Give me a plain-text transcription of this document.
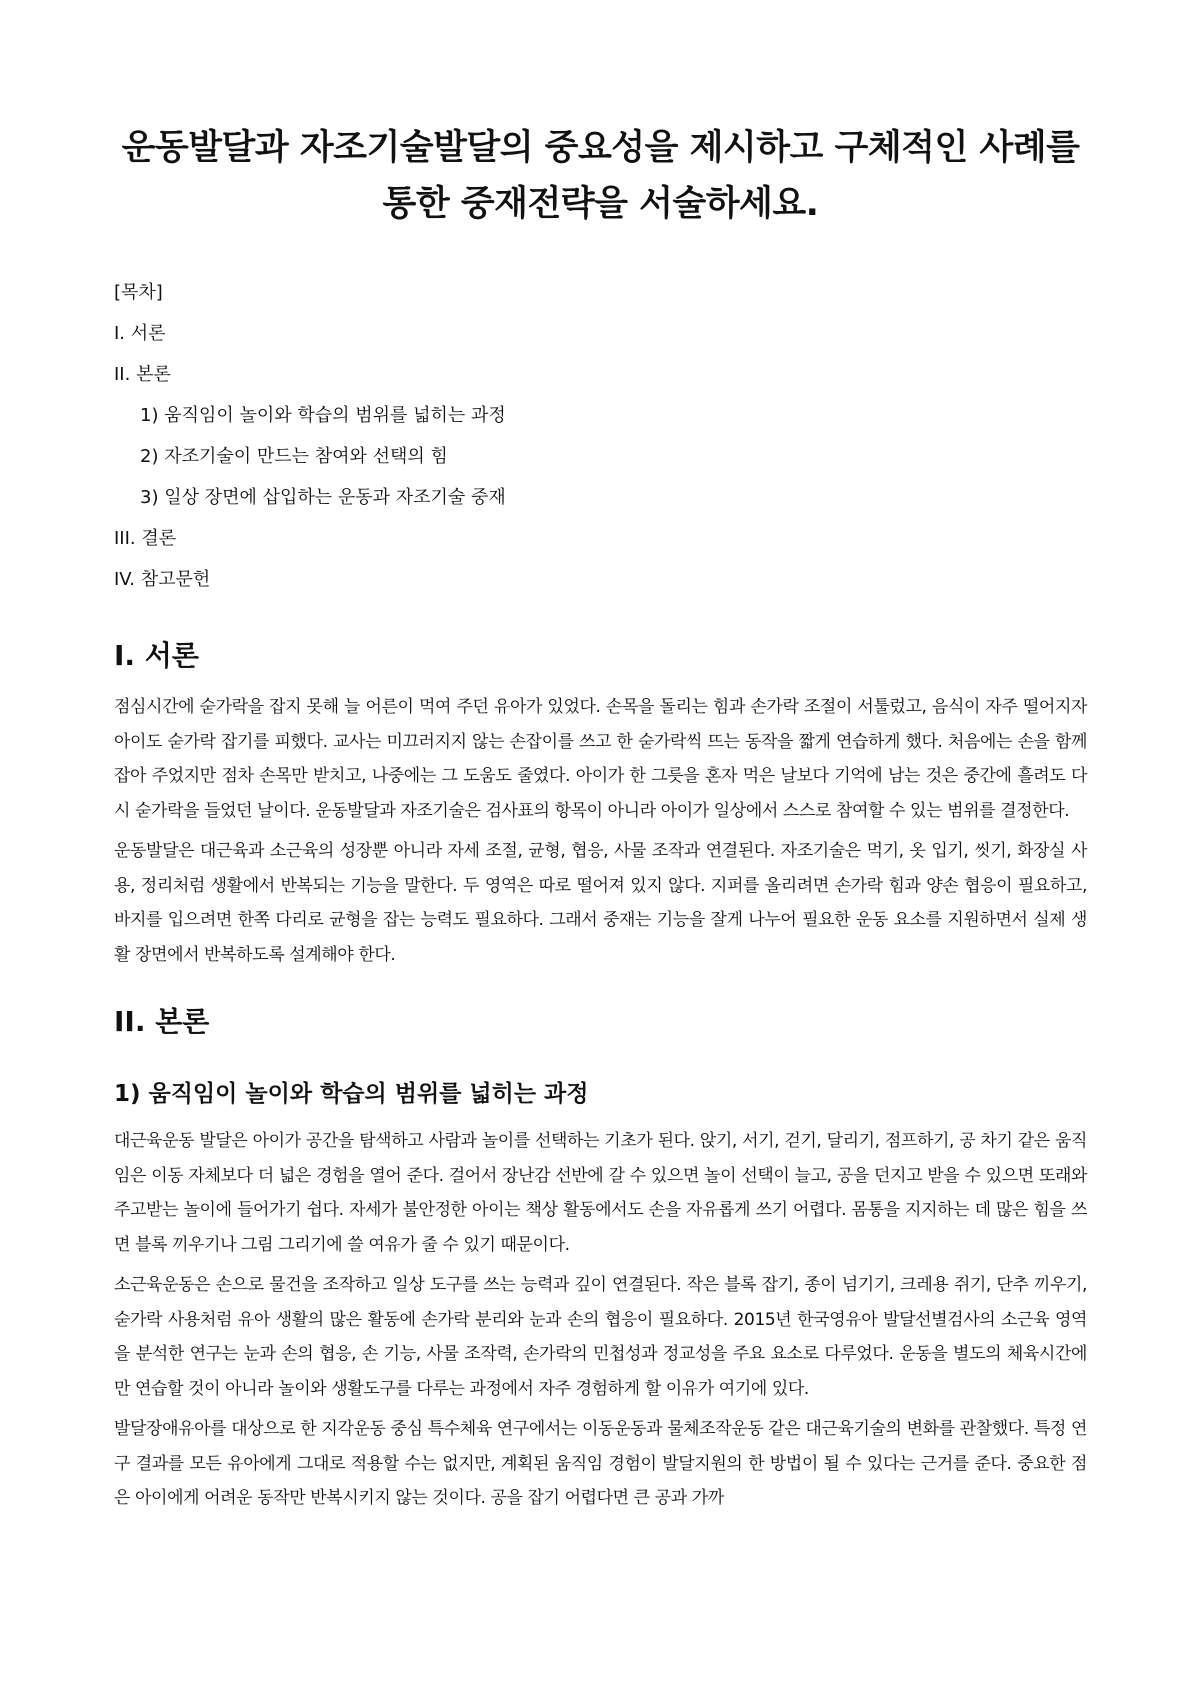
운동발달과 자조기술발달의 중요성을 제시하고 구체적인 사례를 통한 중재전략을 서술하세요.
[목차]
I. 서론
II. 본론
1) 움직임이 놀이와 학습의 범위를 넓히는 과정
2) 자조기술이 만드는 참여와 선택의 힘
3) 일상 장면에 삽입하는 운동과 자조기술 중재
III. 결론
IV. 참고문헌
I. 서론

점심시간에 숟가락을 잡지 못해 늘 어른이 먹여 주던 유아가 있었다. 손목을 돌리는 힘과 손가락 조절이 서툴렀고, 음식이 자주 떨어지자 아이도 숟가락 잡기를 피했다. 교사는 미끄러지지 않는 손잡이를 쓰고 한 숟가락씩 뜨는 동작을 짧게 연습하게 했다. 처음에는 손을 함께 잡아 주었지만 점차 손목만 받치고, 나중에는 그 도움도 줄였다. 아이가 한 그릇을 혼자 먹은 날보다 기억에 남는 것은 중간에 흘려도 다시 숟가락을 들었던 날이다. 운동발달과 자조기술은 검사표의 항목이 아니라 아이가 일상에서 스스로 참여할 수 있는 범위를 결정한다.

운동발달은 대근육과 소근육의 성장뿐 아니라 자세 조절, 균형, 협응, 사물 조작과 연결된다. 자조기술은 먹기, 옷 입기, 씻기, 화장실 사용, 정리처럼 생활에서 반복되는 기능을 말한다. 두 영역은 따로 떨어져 있지 않다. 지퍼를 올리려면 손가락 힘과 양손 협응이 필요하고, 바지를 입으려면 한쪽 다리로 균형을 잡는 능력도 필요하다. 그래서 중재는 기능을 잘게 나누어 필요한 운동 요소를 지원하면서 실제 생활 장면에서 반복하도록 설계해야 한다.

II. 본론
1) 움직임이 놀이와 학습의 범위를 넓히는 과정

대근육운동 발달은 아이가 공간을 탐색하고 사람과 놀이를 선택하는 기초가 된다. 앉기, 서기, 걷기, 달리기, 점프하기, 공 차기 같은 움직임은 이동 자체보다 더 넓은 경험을 열어 준다. 걸어서 장난감 선반에 갈 수 있으면 놀이 선택이 늘고, 공을 던지고 받을 수 있으면 또래와 주고받는 놀이에 들어가기 쉽다. 자세가 불안정한 아이는 책상 활동에서도 손을 자유롭게 쓰기 어렵다. 몸통을 지지하는 데 많은 힘을 쓰면 블록 끼우기나 그림 그리기에 쓸 여유가 줄 수 있기 때문이다.

소근육운동은 손으로 물건을 조작하고 일상 도구를 쓰는 능력과 깊이 연결된다. 작은 블록 잡기, 종이 넘기기, 크레용 쥐기, 단추 끼우기, 숟가락 사용처럼 유아 생활의 많은 활동에 손가락 분리와 눈과 손의 협응이 필요하다. 2015년 한국영유아 발달선별검사의 소근육 영역을 분석한 연구는 눈과 손의 협응, 손 기능, 사물 조작력, 손가락의 민첩성과 정교성을 주요 요소로 다루었다. 운동을 별도의 체육시간에만 연습할 것이 아니라 놀이와 생활도구를 다루는 과정에서 자주 경험하게 할 이유가 여기에 있다.

발달장애유아를 대상으로 한 지각운동 중심 특수체육 연구에서는 이동운동과 물체조작운동 같은 대근육기술의 변화를 관찰했다. 특정 연구 결과를 모든 유아에게 그대로 적용할 수는 없지만, 계획된 움직임 경험이 발달지원의 한 방법이 될 수 있다는 근거를 준다. 중요한 점은 아이에게 어려운 동작만 반복시키지 않는 것이다. 공을 잡기 어렵다면 큰 공과 가까
